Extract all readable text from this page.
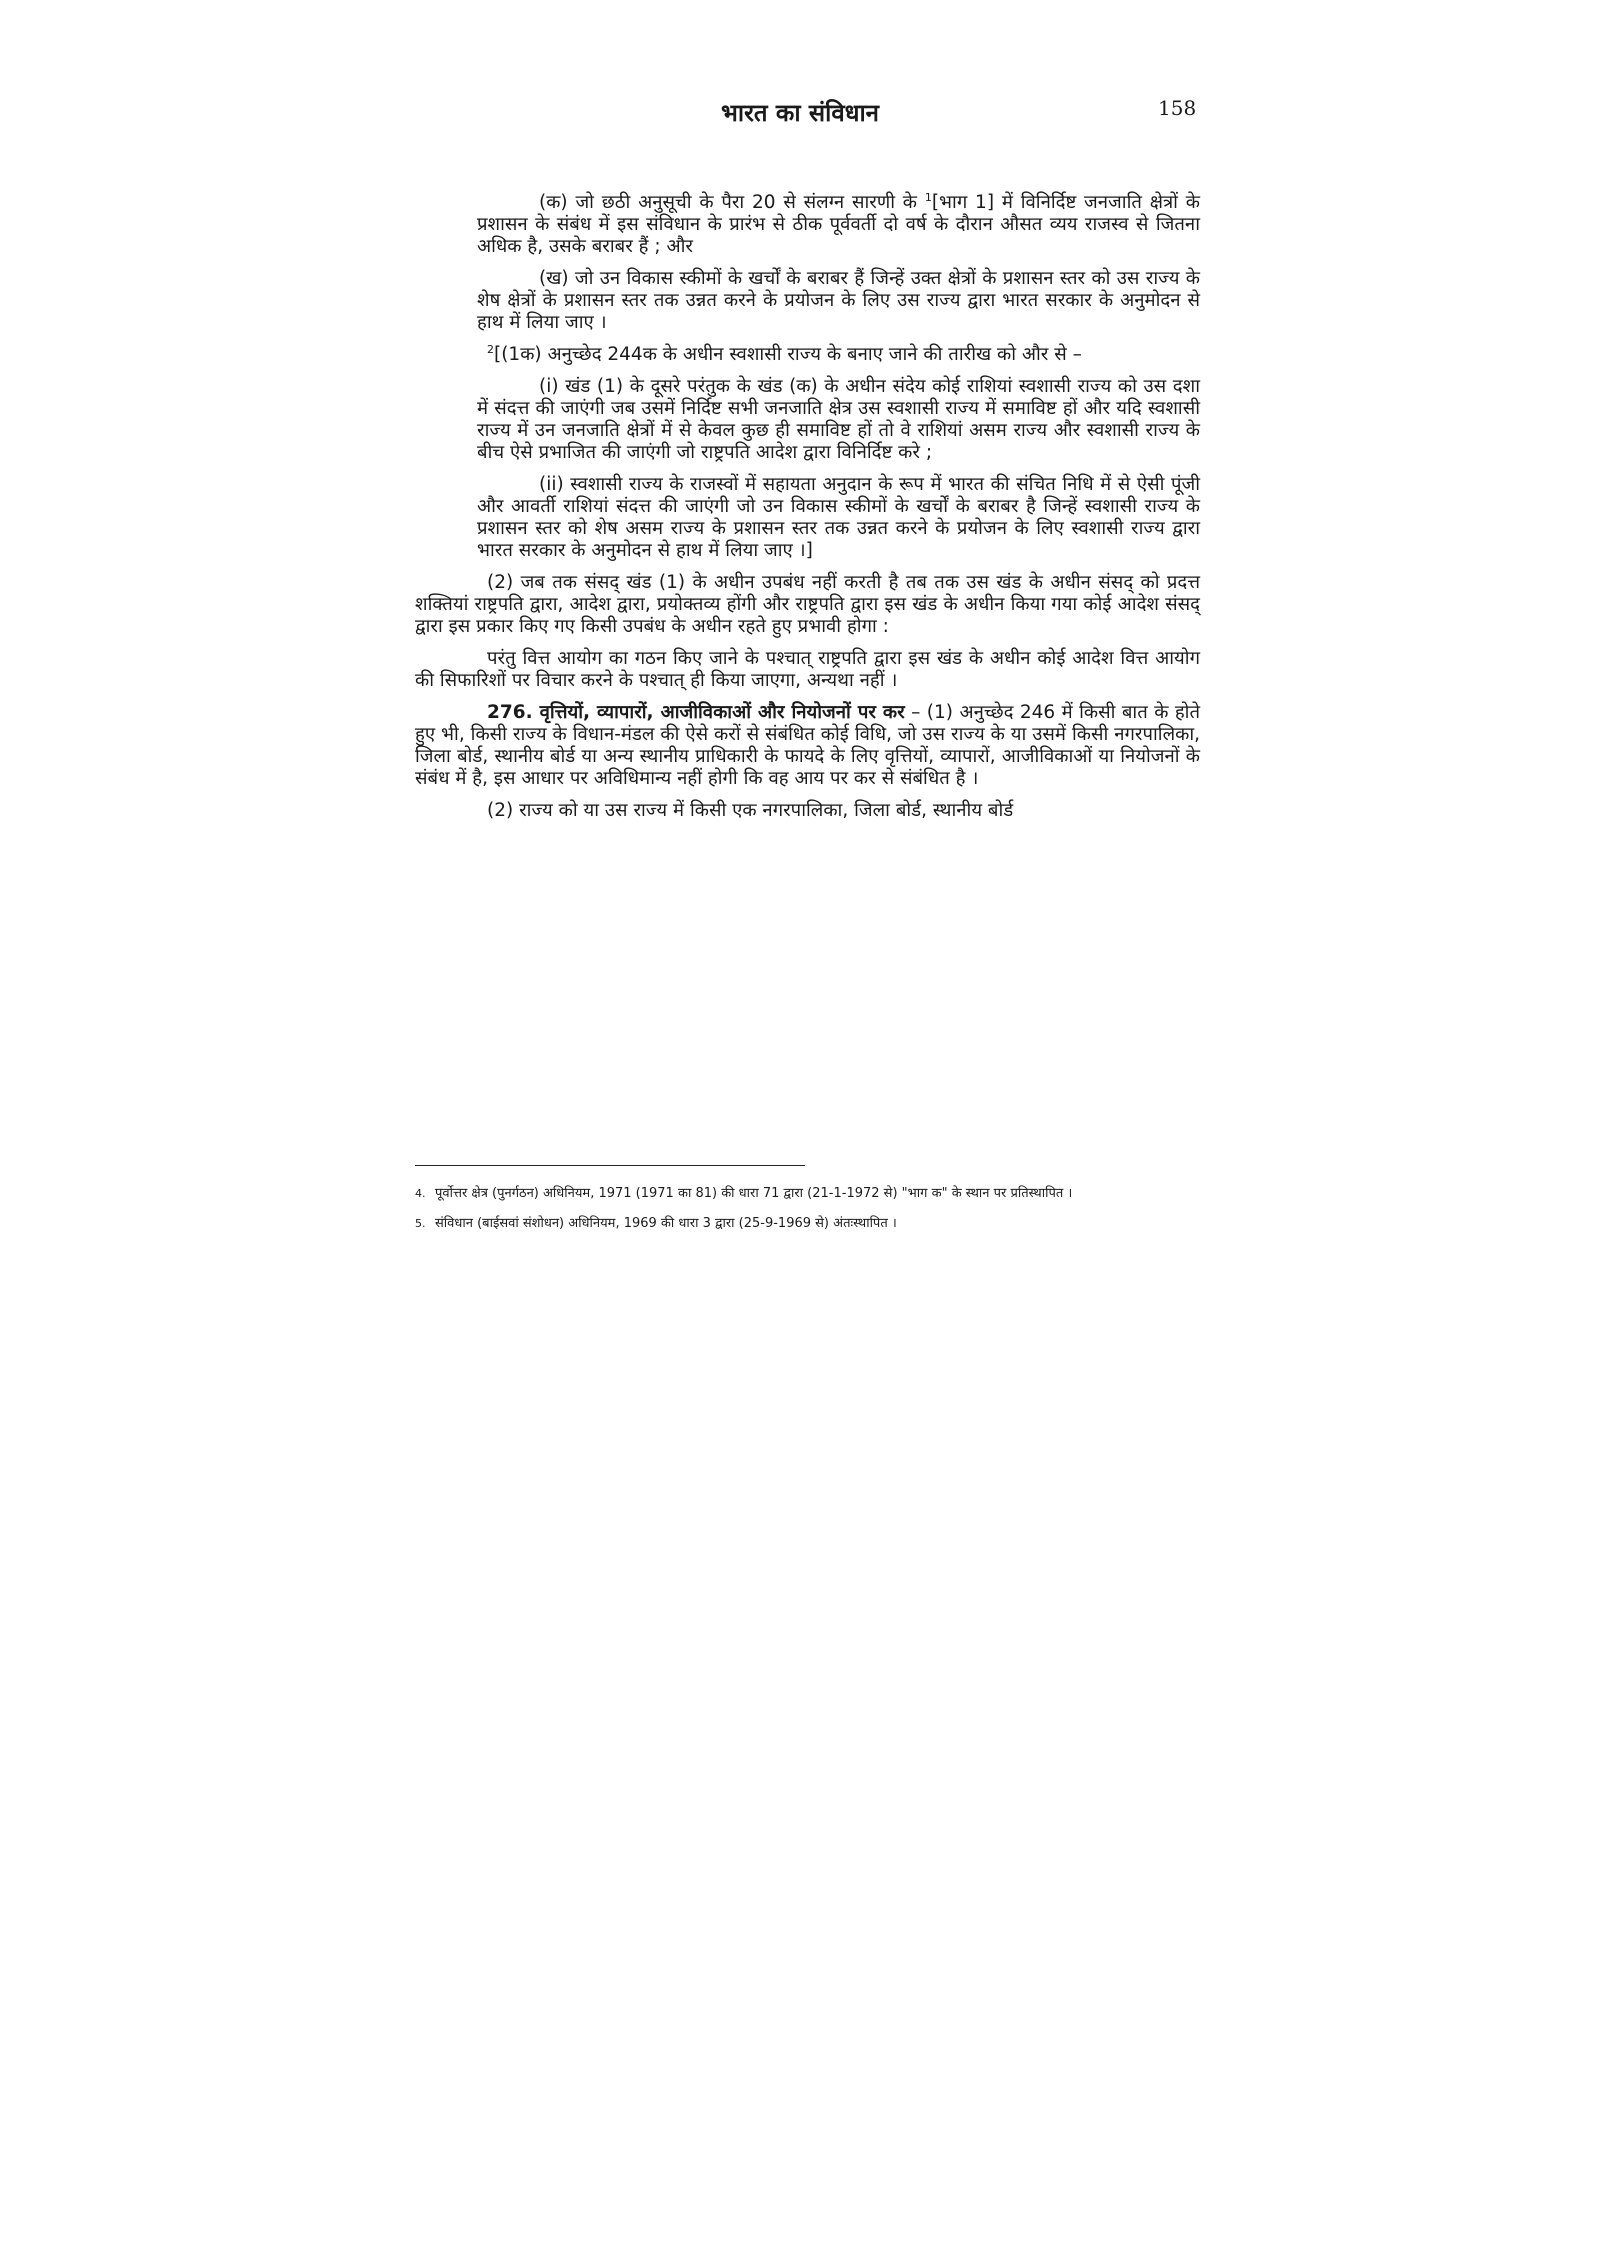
भारत का संविधान	158

(क) जो छठी अनुसूची के पैरा 20 से संलग्न सारणी के $^1$[भाग 1] में विनिर्दिष्ट जनजाति क्षेत्रों के प्रशासन के संबंध में इस संविधान के प्रारंभ से ठीक पूर्ववर्ती दो वर्ष के दौरान औसत व्यय राजस्व से जितना अधिक है, उसके बराबर हैं ; और

(ख) जो उन विकास स्कीमों के खर्चों के बराबर हैं जिन्हें उक्त क्षेत्रों के प्रशासन स्तर को उस राज्य के शेष क्षेत्रों के प्रशासन स्तर तक उन्नत करने के प्रयोजन के लिए उस राज्य द्वारा भारत सरकार के अनुमोदन से हाथ में लिया जाए ।

$^2$[(1क) अनुच्छेद 244क के अधीन स्वशासी राज्य के बनाए जाने की तारीख को और से –

(i) खंड (1) के दूसरे परंतुक के खंड (क) के अधीन संदेय कोई राशियां स्वशासी राज्य को उस दशा में संदत्त की जाएंगी जब उसमें निर्दिष्ट सभी जनजाति क्षेत्र उस स्वशासी राज्य में समाविष्ट हों और यदि स्वशासी राज्य में उन जनजाति क्षेत्रों में से केवल कुछ ही समाविष्ट हों तो वे राशियां असम राज्य और स्वशासी राज्य के बीच ऐसे प्रभाजित की जाएंगी जो राष्ट्रपति आदेश द्वारा विनिर्दिष्ट करे ;

(ii) स्वशासी राज्य के राजस्वों में सहायता अनुदान के रूप में भारत की संचित निधि में से ऐसी पूंजी और आवर्ती राशियां संदत्त की जाएंगी जो उन विकास स्कीमों के खर्चों के बराबर है जिन्हें स्वशासी राज्य के प्रशासन स्तर को शेष असम राज्य के प्रशासन स्तर तक उन्नत करने के प्रयोजन के लिए स्वशासी राज्य द्वारा भारत सरकार के अनुमोदन से हाथ में लिया जाए ।]

(2) जब तक संसद् खंड (1) के अधीन उपबंध नहीं करती है तब तक उस खंड के अधीन संसद् को प्रदत्त शक्तियां राष्ट्रपति द्वारा, आदेश द्वारा, प्रयोक्तव्य होंगी और राष्ट्रपति द्वारा इस खंड के अधीन किया गया कोई आदेश संसद् द्वारा इस प्रकार किए गए किसी उपबंध के अधीन रहते हुए प्रभावी होगा :

परंतु वित्त आयोग का गठन किए जाने के पश्चात् राष्ट्रपति द्वारा इस खंड के अधीन कोई आदेश वित्त आयोग की सिफारिशों पर विचार करने के पश्चात् ही किया जाएगा, अन्यथा नहीं ।

276. वृत्तियों, व्यापारों, आजीविकाओं और नियोजनों पर कर – (1) अनुच्छेद 246 में किसी बात के होते हुए भी, किसी राज्य के विधान-मंडल की ऐसे करों से संबंधित कोई विधि, जो उस राज्य के या उसमें किसी नगरपालिका, जिला बोर्ड, स्थानीय बोर्ड या अन्य स्थानीय प्राधिकारी के फायदे के लिए वृत्तियों, व्यापारों, आजीविकाओं या नियोजनों के संबंध में है, इस आधार पर अविधिमान्य नहीं होगी कि वह आय पर कर से संबंधित है ।

(2) राज्य को या उस राज्य में किसी एक नगरपालिका, जिला बोर्ड, स्थानीय बोर्ड

4. पूर्वोत्तर क्षेत्र (पुनर्गठन) अधिनियम, 1971 (1971 का 81) की धारा 71 द्वारा (21-1-1972 से) "भाग क" के स्थान पर प्रतिस्थापित ।
5. संविधान (बाईसवां संशोधन) अधिनियम, 1969 की धारा 3 द्वारा (25-9-1969 से) अंतःस्थापित ।
